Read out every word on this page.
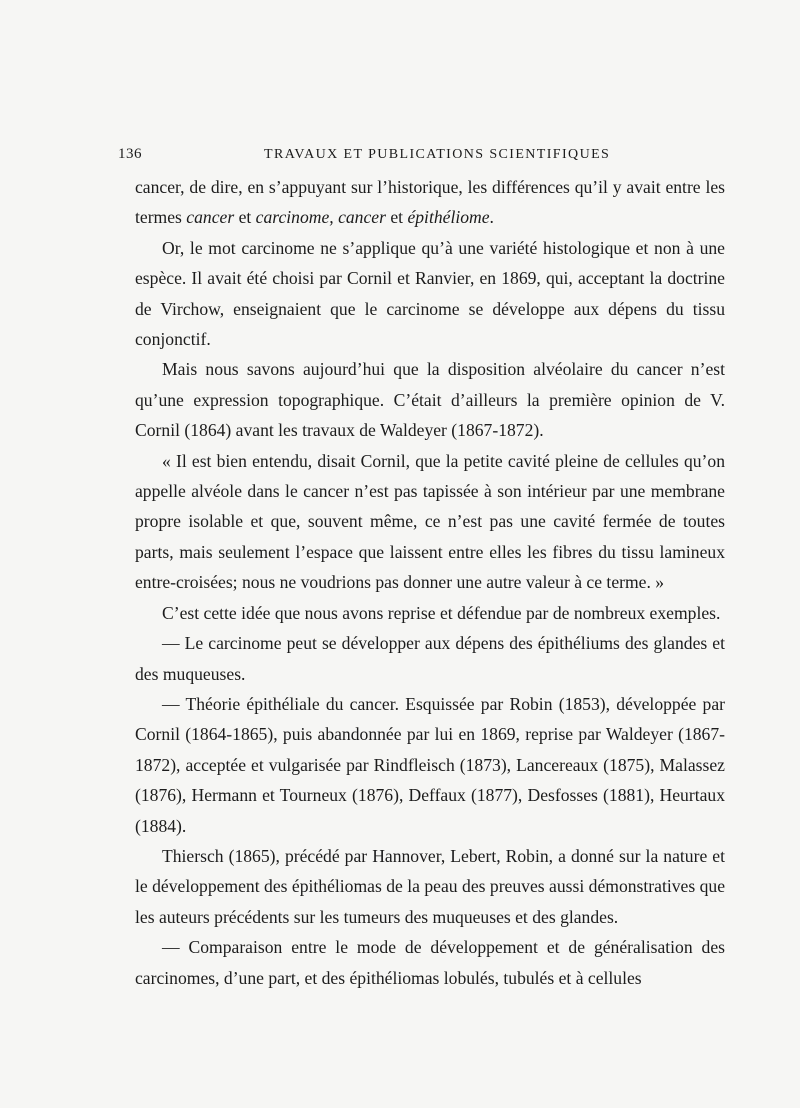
136	TRAVAUX ET PUBLICATIONS SCIENTIFIQUES

cancer, de dire, en s’appuyant sur l’historique, les différences qu’il y avait entre les termes cancer et carcinome, cancer et épithéliome.

Or, le mot carcinome ne s’applique qu’à une variété histologique et non à une espèce. Il avait été choisi par Cornil et Ranvier, en 1869, qui, acceptant la doctrine de Virchow, enseignaient que le carcinome se développe aux dépens du tissu conjonctif.

Mais nous savons aujourd’hui que la disposition alvéolaire du cancer n’est qu’une expression topographique. C’était d’ailleurs la première opinion de V. Cornil (1864) avant les travaux de Waldeyer (1867-1872).

« Il est bien entendu, disait Cornil, que la petite cavité pleine de cellules qu’on appelle alvéole dans le cancer n’est pas tapissée à son intérieur par une membrane propre isolable et que, souvent même, ce n’est pas une cavité fermée de toutes parts, mais seulement l’espace que laissent entre elles les fibres du tissu lamineux entre-croisées; nous ne voudrions pas donner une autre valeur à ce terme. »

C’est cette idée que nous avons reprise et défendue par de nombreux exemples.

— Le carcinome peut se développer aux dépens des épithéliums des glandes et des muqueuses.

— Théorie épithéliale du cancer. Esquissée par Robin (1853), développée par Cornil (1864-1865), puis abandonnée par lui en 1869, reprise par Waldeyer (1867-1872), acceptée et vulgarisée par Rindfleisch (1873), Lancereaux (1875), Malassez (1876), Hermann et Tourneux (1876), Deffaux (1877), Desfosses (1881), Heurtaux (1884).

Thiersch (1865), précédé par Hannover, Lebert, Robin, a donné sur la nature et le développement des épithéliomas de la peau des preuves aussi démonstratives que les auteurs précédents sur les tumeurs des muqueuses et des glandes.

— Comparaison entre le mode de développement et de généralisation des carcinomes, d’une part, et des épithéliomas lobulés, tubulés et à cellules
